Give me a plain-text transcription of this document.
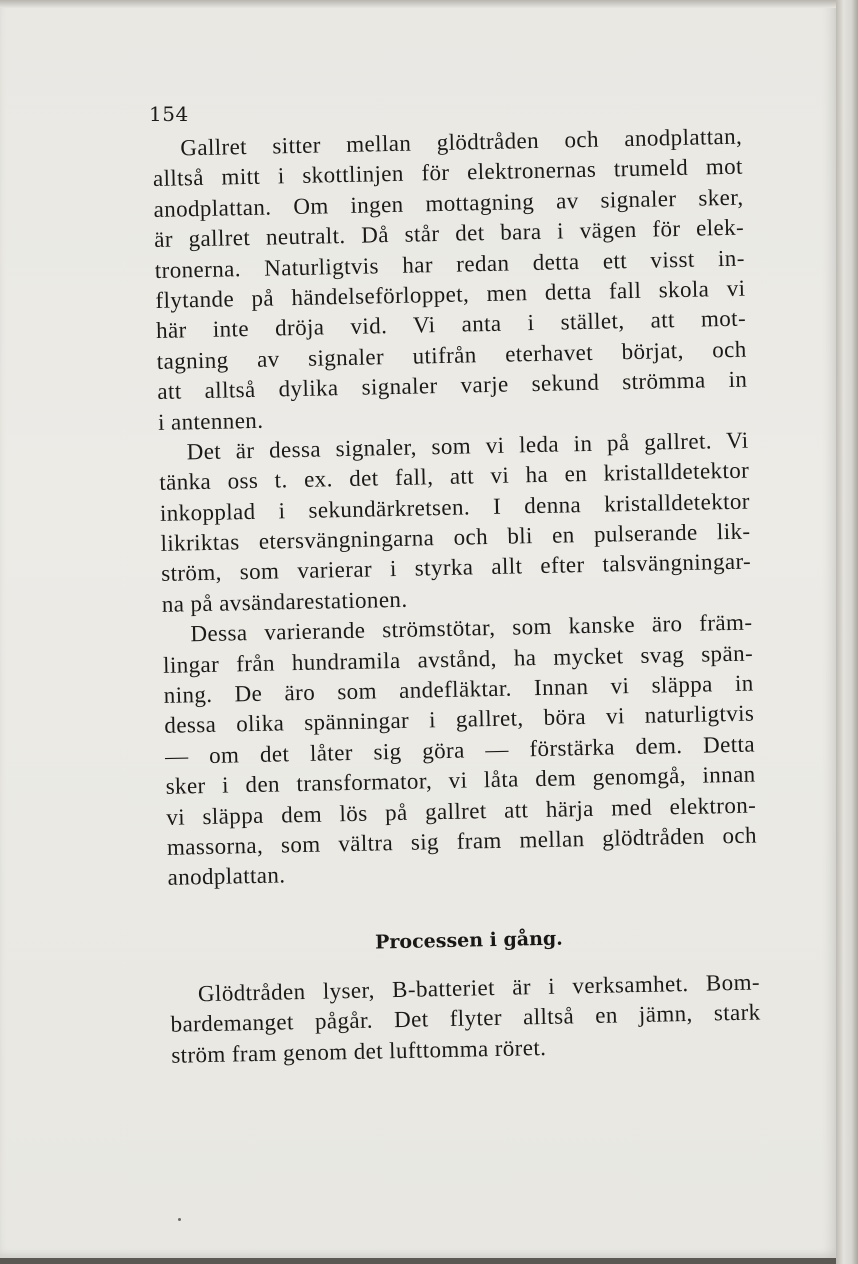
154
Gallret sitter mellan glödtråden och anodplattan,
alltså mitt i skottlinjen för elektronernas trumeld mot
anodplattan. Om ingen mottagning av signaler sker,
är gallret neutralt. Då står det bara i vägen för elek-
tronerna. Naturligtvis har redan detta ett visst in-
flytande på händelseförloppet, men detta fall skola vi
här inte dröja vid. Vi anta i stället, att mot-
tagning av signaler utifrån eterhavet börjat, och
att alltså dylika signaler varje sekund strömma in
i antennen.
Det är dessa signaler, som vi leda in på gallret. Vi
tänka oss t. ex. det fall, att vi ha en kristalldetektor
inkopplad i sekundärkretsen. I denna kristalldetektor
likriktas etersvängningarna och bli en pulserande lik-
ström, som varierar i styrka allt efter talsvängningar-
na på avsändarestationen.
Dessa varierande strömstötar, som kanske äro främ-
lingar från hundramila avstånd, ha mycket svag spän-
ning. De äro som andefläktar. Innan vi släppa in
dessa olika spänningar i gallret, böra vi naturligtvis
— om det låter sig göra — förstärka dem. Detta
sker i den transformator, vi låta dem genomgå, innan
vi släppa dem lös på gallret att härja med elektron-
massorna, som vältra sig fram mellan glödtråden och
anodplattan.
Processen i gång.
Glödtråden lyser, B-batteriet är i verksamhet. Bom-
bardemanget pågår. Det flyter alltså en jämn, stark
ström fram genom det lufttomma röret.
